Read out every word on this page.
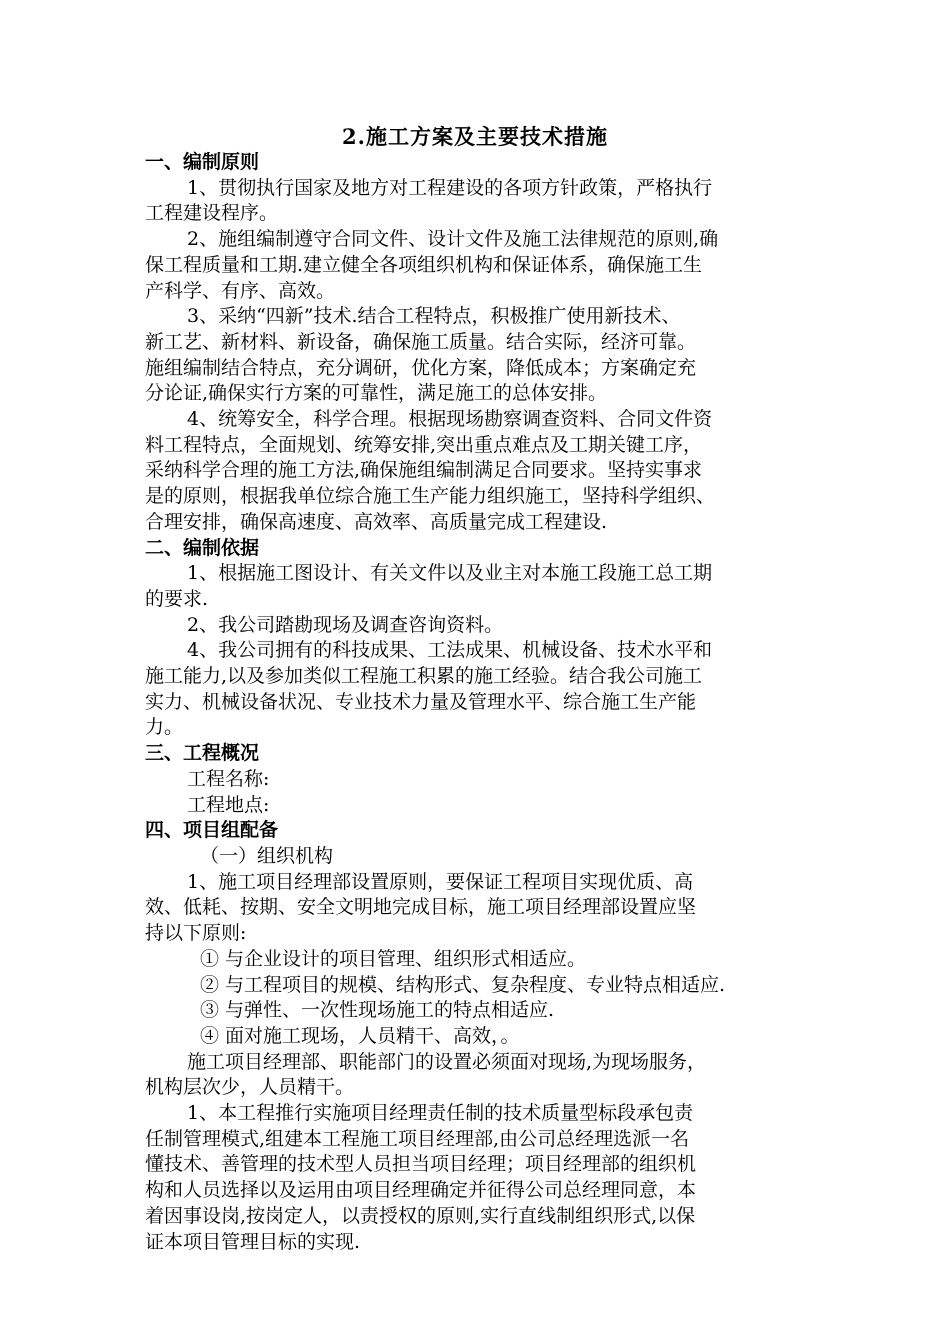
2.施工方案及主要技术措施

一、编制原则

1、贯彻执行国家及地方对工程建设的各项方针政策，严格执行

工程建设程序。

2、施组编制遵守合同文件、设计文件及施工法律规范的原则,确

保工程质量和工期.建立健全各项组织机构和保证体系，确保施工生

产科学、有序、高效。

3、采纳“四新”技术.结合工程特点，积极推广使用新技术、

新工艺、新材料、新设备，确保施工质量。结合实际，经济可靠。

施组编制结合特点，充分调研，优化方案，降低成本；方案确定充

分论证,确保实行方案的可靠性，满足施工的总体安排。

4、统筹安全，科学合理。根据现场勘察调查资料、合同文件资

料工程特点，全面规划、统筹安排,突出重点难点及工期关键工序，

采纳科学合理的施工方法,确保施组编制满足合同要求。坚持实事求

是的原则，根据我单位综合施工生产能力组织施工，坚持科学组织、

合理安排，确保高速度、高效率、高质量完成工程建设.

二、编制依据

1、根据施工图设计、有关文件以及业主对本施工段施工总工期

的要求.

2、我公司踏勘现场及调查咨询资料。

4、我公司拥有的科技成果、工法成果、机械设备、技术水平和

施工能力,以及参加类似工程施工积累的施工经验。结合我公司施工

实力、机械设备状况、专业技术力量及管理水平、综合施工生产能

力。

三、工程概况

工程名称:

工程地点:

四、项目组配备

（一）组织机构

1、施工项目经理部设置原则，要保证工程项目实现优质、高

效、低耗、按期、安全文明地完成目标，施工项目经理部设置应坚

持以下原则:

① 与企业设计的项目管理、组织形式相适应。

② 与工程项目的规模、结构形式、复杂程度、专业特点相适应.

③ 与弹性、一次性现场施工的特点相适应.

④ 面对施工现场，人员精干、高效，。

施工项目经理部、职能部门的设置必须面对现场,为现场服务，

机构层次少，人员精干。

1、本工程推行实施项目经理责任制的技术质量型标段承包责

任制管理模式,组建本工程施工项目经理部,由公司总经理选派一名

懂技术、善管理的技术型人员担当项目经理；项目经理部的组织机

构和人员选择以及运用由项目经理确定并征得公司总经理同意，本

着因事设岗,按岗定人，以责授权的原则,实行直线制组织形式,以保

证本项目管理目标的实现.
